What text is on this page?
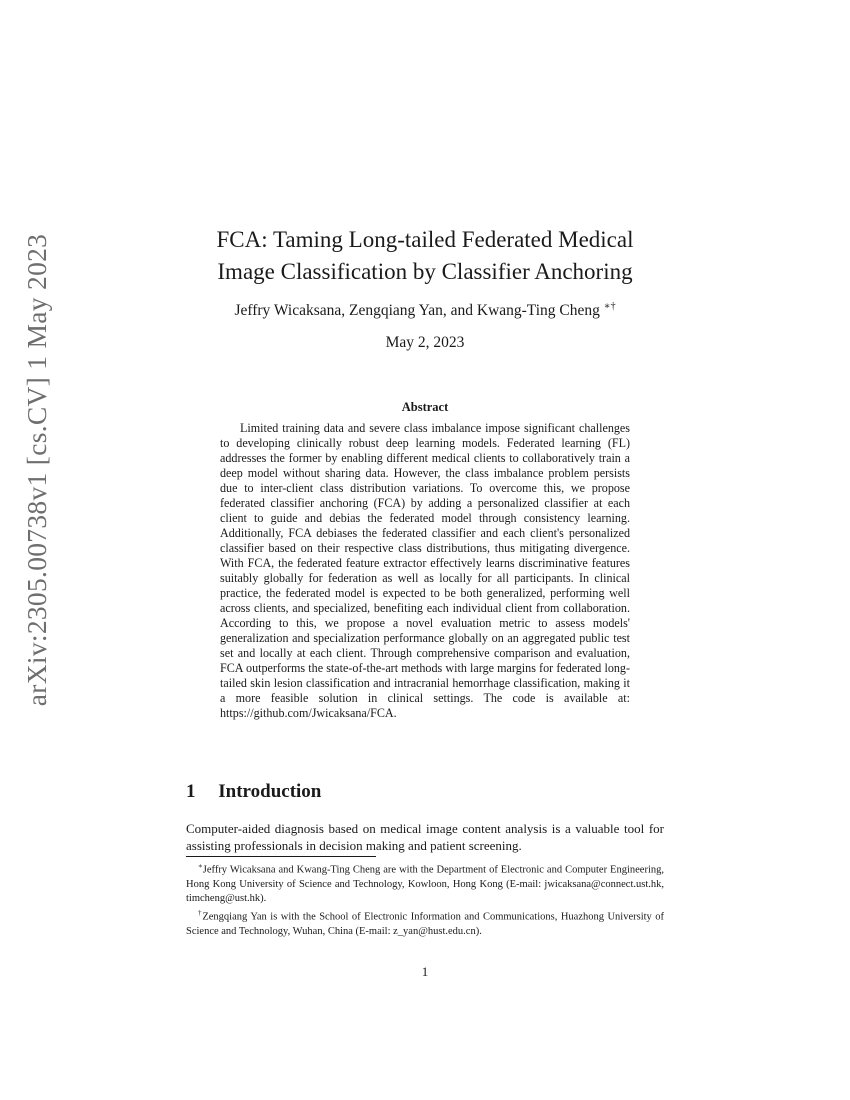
arXiv:2305.00738v1 [cs.CV] 1 May 2023	FCA: Taming Long-tailed Federated Medical
Image Classification by Classifier Anchoring
Jeffry Wicaksana, Zengqiang Yan, and Kwang-Ting Cheng ∗†
May 2, 2023
Abstract

Limited training data and severe class imbalance impose significant challenges to developing clinically robust deep learning models. Federated learning (FL) addresses the former by enabling different medical clients to collaboratively train a deep model without sharing data. However, the class imbalance problem persists due to inter-client class distribution variations. To overcome this, we propose federated classifier anchoring (FCA) by adding a personalized classifier at each client to guide and debias the federated model through consistency learning. Additionally, FCA debiases the federated classifier and each client's personalized classifier based on their respective class distributions, thus mitigating divergence. With FCA, the federated feature extractor effectively learns discriminative features suitably globally for federation as well as locally for all participants. In clinical practice, the federated model is expected to be both generalized, performing well across clients, and specialized, benefiting each individual client from collaboration. According to this, we propose a novel evaluation metric to assess models' generalization and specialization performance globally on an aggregated public test set and locally at each client. Through comprehensive comparison and evaluation, FCA outperforms the state-of-the-art methods with large margins for federated long-tailed skin lesion classification and intracranial hemorrhage classification, making it a more feasible solution in clinical settings. The code is available at: https://github.com/Jwicaksana/FCA.

1 Introduction

Computer-aided diagnosis based on medical image content analysis is a valuable tool for assisting professionals in decision making and patient screening.

∗Jeffry Wicaksana and Kwang-Ting Cheng are with the Department of Electronic and Computer Engineering, Hong Kong University of Science and Technology, Kowloon, Hong Kong (E-mail: jwicaksana@connect.ust.hk, timcheng@ust.hk).

†Zengqiang Yan is with the School of Electronic Information and Communications, Huazhong University of Science and Technology, Wuhan, China (E-mail: z_yan@hust.edu.cn).

1
